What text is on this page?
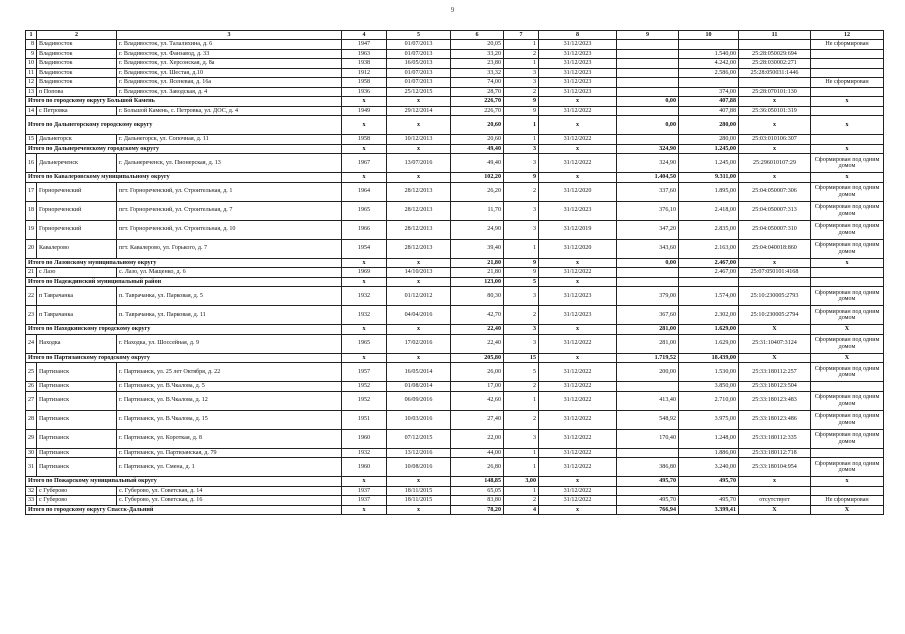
9
1	2	3	4	5	6	7	8	9	10	11	12
8	Владивосток	г. Владивосток, ул. Талалихина, д. 6	1947	01/07/2013	20,05	1	31/12/2023				Не сформирован
9	Владивосток	г. Владивосток, ул. Фанзавод, д. 33	1963	01/07/2013	33,20	2	31/12/2023		1.540,00	25:28:050029:694	
10	Владивосток	г. Владивосток, ул. Херсонская, д. 8а	1938	16/05/2013	23,80	1	31/12/2023		4.242,00	25:28:030002:271	
11	Владивосток	г. Владивосток, ул. Шестая, д.10	1912	01/07/2013	33,32	3	31/12/2023		2.586,00	25:28:050031:1446	
12	Владивосток	г. Владивосток, ул. Ясеневая, д. 16а	1958	01/07/2013	74,00	3	31/12/2023				Не сформирован
13	п Попова	г. Владивосток, ул. Заводская, д. 4	1936	25/12/2015	28,70	2	31/12/2023		374,00	25:28:070101:130	
Итого по городскому округу Большой Камень			x	x	226,70	9	x	0,00	407,88	x	x
14	с Петровка	г. Большой Камень, с. Петровка, ул. ДОС, д. 4	1949	29/12/2014	226,70	9	31/12/2022		407,88	25:36:050101:319	
Итого по Дальнегорскому городскому округу			x	x	20,60	1	x	0,00	280,00	x	x
15	Дальнегорск	г. Дальнегорск, ул. Сопочная, д. 11	1958	10/12/2013	20,60	1	31/12/2022		280,00	25:03:010106:307	
Итого по Дальнереченскому городскому округу			x	x	49,40	3	x	324,90	1.245,00	x	x
16	Дальнереченск	г. Дальнереченск, ул. Пионерская, д. 13	1967	13/07/2016	49,40	3	31/12/2022	324,90	1.245,00	25:296010107:29	Сформирован под одним домом
Итого по Кавалеровскому муниципальному округу			x	x	102,20	9	x	1.404,50	9.311,00	x	x
17	Горнореченский	пгт. Горнореченский, ул. Строительная, д. 1	1964	28/12/2013	26,20	2	31/12/2020	337,60	1.895,00	25:04:050007:306	Сформирован под одним домом
18	Горнореченский	пгт. Горнореченский, ул. Строительная, д. 7	1965	28/12/2013	11,70	3	31/12/2023	376,10	2.418,00	25:04:050007:313	Сформирован под одним домом
19	Горнореченский	пгт. Горнореченский, ул. Строительная, д. 10	1966	28/12/2013	24,90	3	31/12/2019	347,20	2.835,00	25:04:050007:310	Сформирован под одним домом
20	Кавалерово	пгт. Кавалерово, ул. Горького, д. 7	1954	28/12/2013	39,40	1	31/12/2020	343,60	2.163,00	25:04:040018:860	Сформирован под одним домом
Итого по Лазовскому муниципальному округу			x	x	21,80	9	x	0,00	2.467,00	x	x
21	с Лазо	с. Лазо, ул. Мащенко, д. 6	1969	14/10/2013	21,80	9	31/12/2022		2.467,00	25:07:050101:4168	
Итого по Надеждинский муниципальный район			x	x	123,00	5	x				
22	п Таврачанка	п. Таврачанка, ул. Парковая, д. 5	1932	01/12/2012	80,30	3	31/12/2023	379,00	1.574,00	25:10:230005:2793	Сформирован под одним домом
23	п Таврачанка	п. Таврачанка, ул. Парковая, д. 11	1932	04/04/2016	42,70	2	31/12/2023	367,60	2.302,00	25:10:230005:2794	Сформирован под одним домом
Итого по Находкинскому городскому округу			x	x	22,40	3	x	281,00	1.629,00	X	X
24	Находка	г. Находка, ул. Шоссейная, д. 9	1965	17/02/2016	22,40	3	31/12/2022	281,00	1.629,00	25:31:10407:3124	Сформирован под одним домом
Итого по Партизанскому городскому округу			x	x	205,80	15	x	1.719,52	18.439,00	X	X
25	Партизанск	г. Партизанск, ул. 25 лет Октября, д. 22	1957	16/05/2014	26,00	5	31/12/2022	200,00	1.530,00	25:33:180112:257	Сформирован под одним домом
26	Партизанск	г. Партизанск, ул. В.Чкалова, д. 5	1952	01/08/2014	17,00	2	31/12/2022		3.850,00	25:33:180123:504	
27	Партизанск	г. Партизанск, ул. В.Чкалова, д. 12	1952	06/09/2016	42,60	1	31/12/2022	413,40	2.710,00	25:33:180123:483	Сформирован под одним домом
28	Партизанск	г. Партизанск, ул. В.Чкалова, д. 15	1951	10/03/2016	27,40	2	31/12/2022	548,92	3.975,00	25:33:180123:486	Сформирован под одним домом
29	Партизанск	г. Партизанск, ул. Короткая, д. 8	1960	07/12/2015	22,00	3	31/12/2022	170,40	1.248,00	25:33:180112:335	Сформирован под одним домом
30	Партизанск	г. Партизанск, ул. Партизанская, д. 79	1932	13/12/2016	44,00	1	31/12/2022		1.886,00	25:33:180112:718	
31	Партизанск	г. Партизанск, ул. Смена, д. 1	1960	10/08/2016	26,80	1	31/12/2022	386,80	3.240,00	25:33:180104:954	Сформирован под одним домом
Итого по Пожарскому муниципальный округу			x	x	148,85	3,00	x	495,70	495,70	x	x
32	с Губерово	с. Губерово, ул. Советская, д. 14	1937	18/11/2015	65,05	1	31/12/2022				
33	с Губерово	с. Губерово, ул. Советская, д. 16	1937	18/11/2015	83,80	2	31/12/2022	495,70	495,70	отсутствует	Не сформирован
Итого по городскому округу Спасск-Дальний			x	x	78,20	4	x	766,94	3.399,41	X	X
